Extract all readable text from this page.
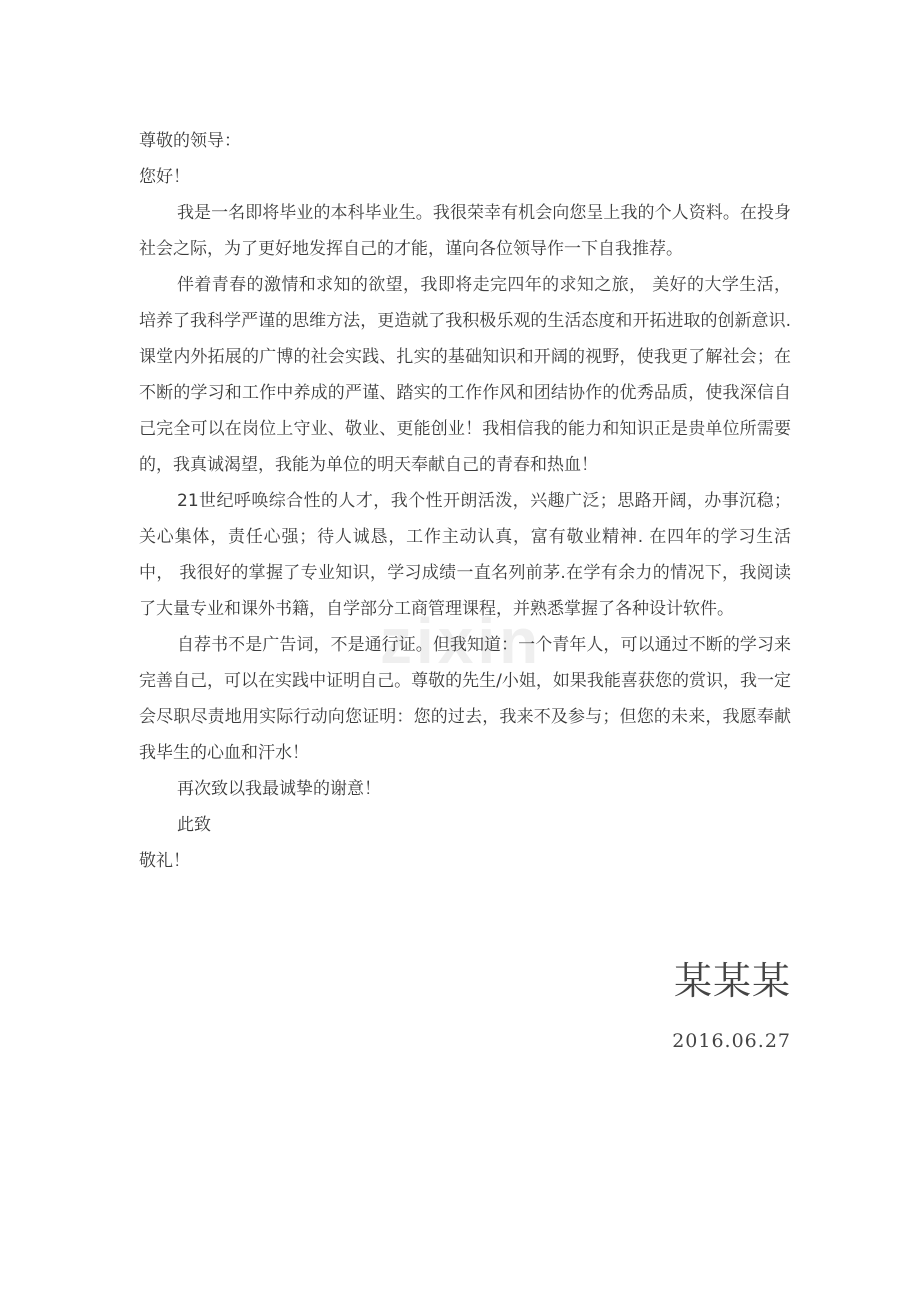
zixin

尊敬的领导：

您好！

我是一名即将毕业的本科毕业生。我很荣幸有机会向您呈上我的个人资料。在投身社会之际，为了更好地发挥自己的才能，谨向各位领导作一下自我推荐。

伴着青春的激情和求知的欲望，我即将走完四年的求知之旅， 美好的大学生活，培养了我科学严谨的思维方法，更造就了我积极乐观的生活态度和开拓进取的创新意识.课堂内外拓展的广博的社会实践、扎实的基础知识和开阔的视野，使我更了解社会；在不断的学习和工作中养成的严谨、踏实的工作作风和团结协作的优秀品质，使我深信自己完全可以在岗位上守业、敬业、更能创业！我相信我的能力和知识正是贵单位所需要的，我真诚渴望，我能为单位的明天奉献自己的青春和热血！

21世纪呼唤综合性的人才，我个性开朗活泼，兴趣广泛；思路开阔，办事沉稳；关心集体，责任心强；待人诚恳，工作主动认真，富有敬业精神. 在四年的学习生活中， 我很好的掌握了专业知识，学习成绩一直名列前茅.在学有余力的情况下，我阅读了大量专业和课外书籍，自学部分工商管理课程，并熟悉掌握了各种设计软件。

自荐书不是广告词，不是通行证。但我知道：一个青年人，可以通过不断的学习来完善自己，可以在实践中证明自己。尊敬的先生/小姐，如果我能喜获您的赏识，我一定会尽职尽责地用实际行动向您证明：您的过去，我来不及参与；但您的未来，我愿奉献我毕生的心血和汗水！

再次致以我最诚挚的谢意！

此致

敬礼！

某某某
2016.06.27
